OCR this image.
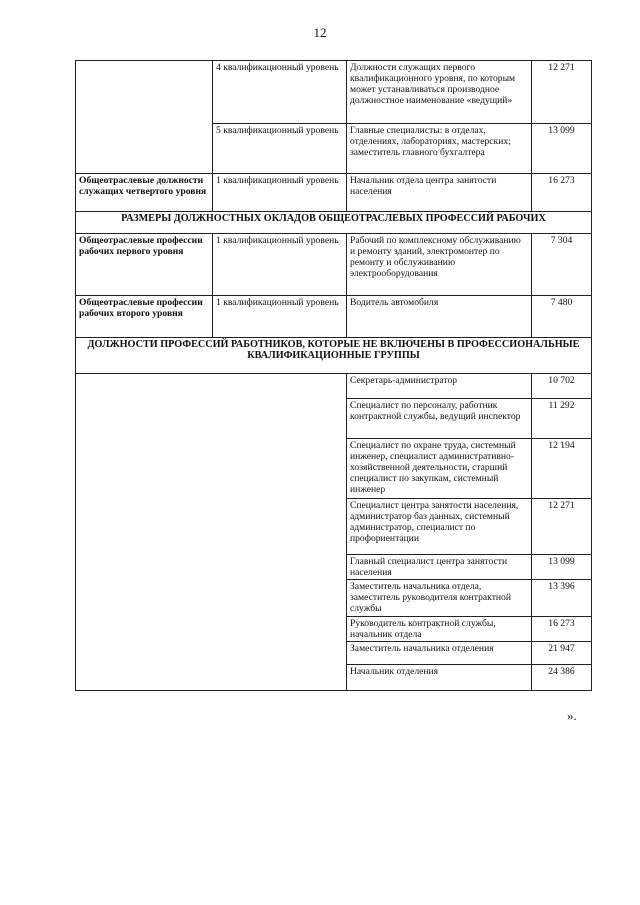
12
	4 квалификационный уровень	Должности служащих первого квалификационного уровня, по которым может устанавливаться производное должностное наименование «ведущий»	12 271
	5 квалификационный уровень	Главные специалисты: в отделах, отделениях, лабораториях, мастерских; заместитель главного бухгалтера	13 099
Общеотраслевые должности служащих четвертого уровня	1 квалификационный уровень	Начальник отдела центра занятости населения	16 273
РАЗМЕРЫ ДОЛЖНОСТНЫХ ОКЛАДОВ ОБЩЕОТРАСЛЕВЫХ ПРОФЕССИЙ РАБОЧИХ			
Общеотраслевые профессии рабочих первого уровня	1 квалификационный уровень	Рабочий по комплексному обслуживанию и ремонту зданий, электромонтер по ремонту и обслуживанию электрооборудования	7 304
Общеотраслевые профессии рабочих второго уровня	1 квалификационный уровень	Водитель автомобиля	7 480
ДОЛЖНОСТИ ПРОФЕССИЙ РАБОТНИКОВ, КОТОРЫЕ НЕ ВКЛЮЧЕНЫ В ПРОФЕССИОНАЛЬНЫЕ КВАЛИФИКАЦИОННЫЕ ГРУППЫ			
		Секретарь-администратор	10 702
		Специалист по персоналу, работник контрактной службы, ведущий инспектор	11 292
		Специалист по охране труда, системный инженер, специалист административно-хозяйственной деятельности, старший специалист по закупкам, системный инженер	12 194
		Специалист центра занятости населения, администратор баз данных, системный администратор, специалист по профориентации	12 271
		Главный специалист центра занятости населения	13 099
		Заместитель начальника отдела, заместитель руководителя контрактной службы	13 396
		Руководитель контрактной службы, начальник отдела	16 273
		Заместитель начальника отделения	21 947
		Начальник отделения	24 386
».
